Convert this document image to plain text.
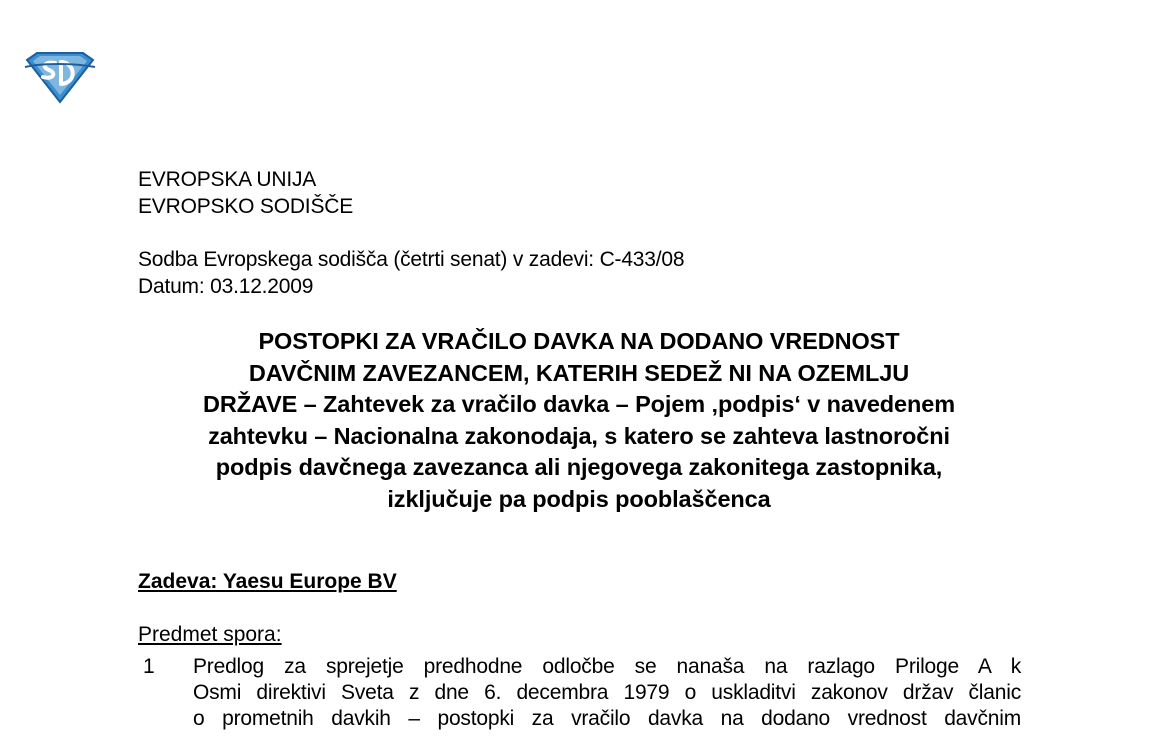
EVROPSKA UNIJA
EVROPSKO SODIŠČE
Sodba Evropskega sodišča (četrti senat) v zadevi: C-433/08
Datum: 03.12.2009
POSTOPKI ZA VRAČILO DAVKA NA DODANO VREDNOST
DAVČNIM ZAVEZANCEM, KATERIH SEDEŽ NI NA OZEMLJU
DRŽAVE – Zahtevek za vračilo davka – Pojem ‚podpis‘ v navedenem
zahtevku – Nacionalna zakonodaja, s katero se zahteva lastnoročni
podpis davčnega zavezanca ali njegovega zakonitega zastopnika,
izključuje pa podpis pooblaščenca
Zadeva: Yaesu Europe BV
Predmet spora:
1 Predlog za sprejetje predhodne odločbe se nanaša na razlago Priloge A k
Osmi direktivi Sveta z dne 6. decembra 1979 o uskladitvi zakonov držav članic
o prometnih davkih – postopki za vračilo davka na dodano vrednost davčnim
